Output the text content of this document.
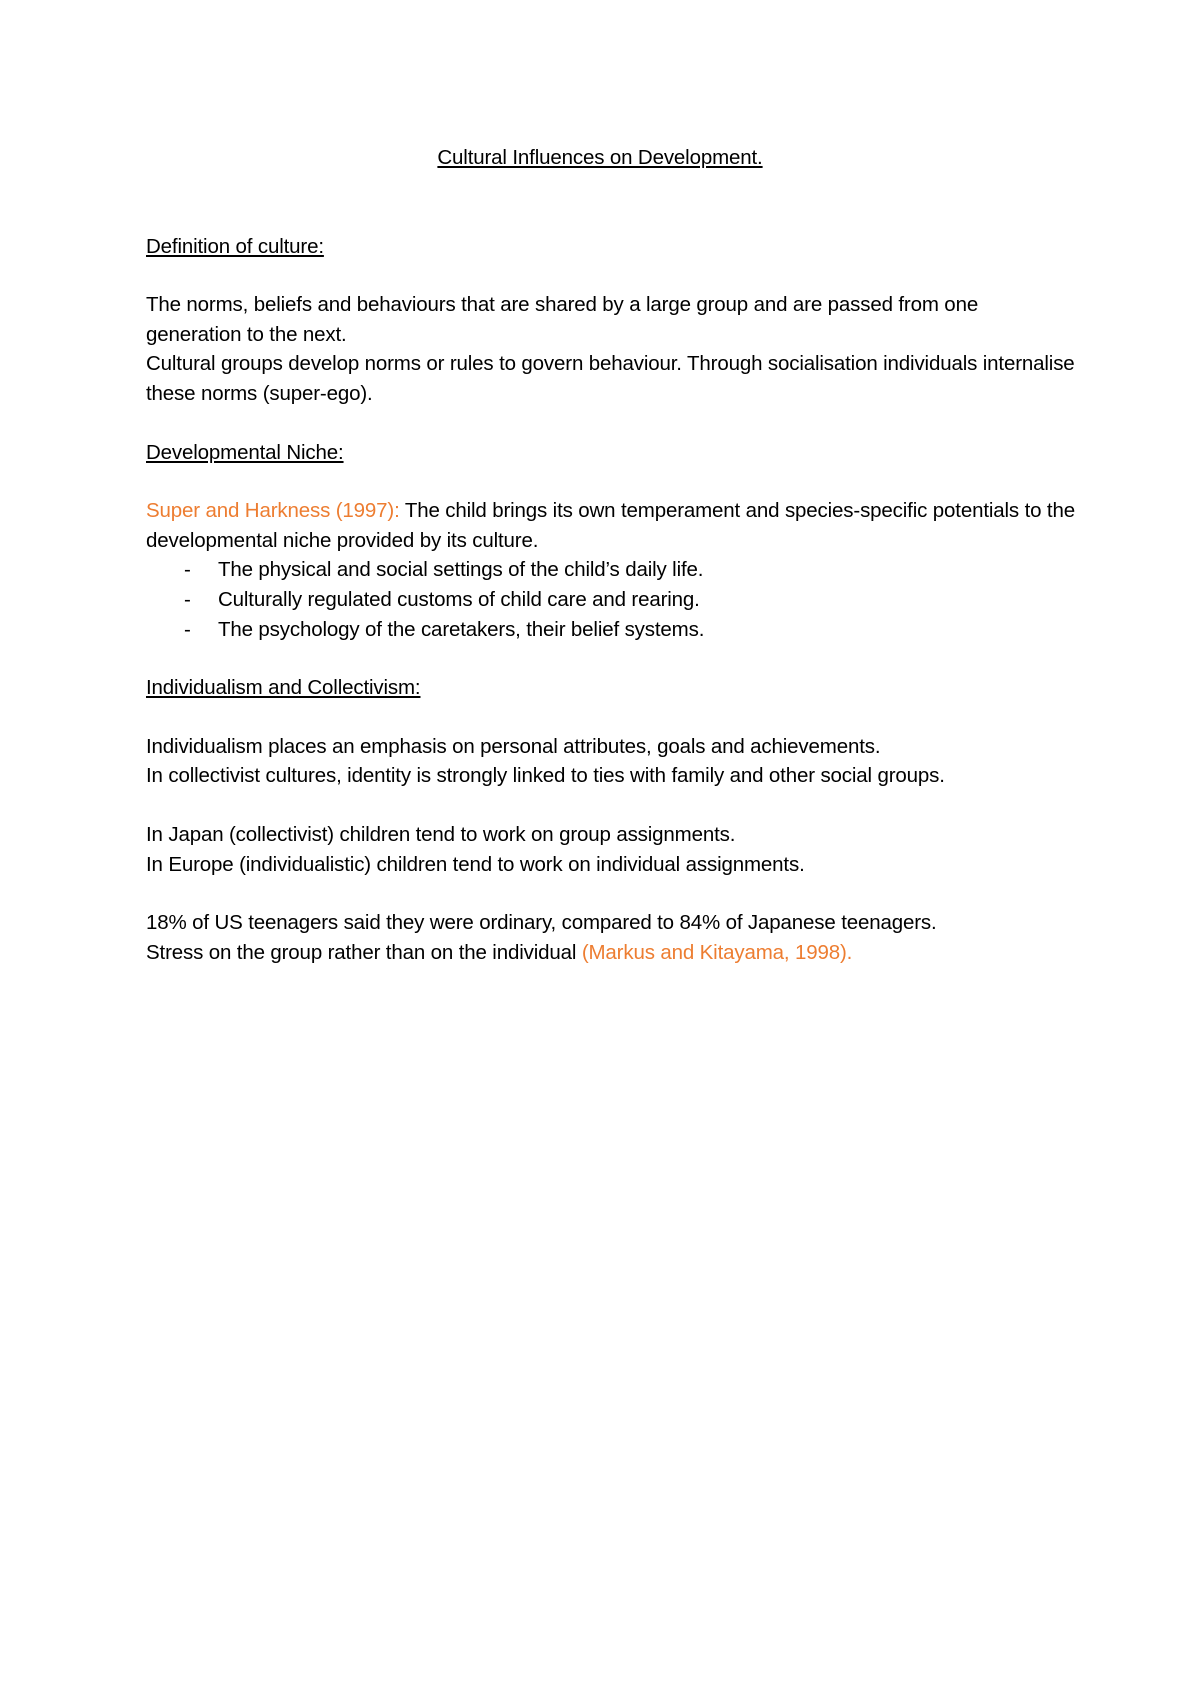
Cultural Influences on Development.

Definition of culture:

The norms, beliefs and behaviours that are shared by a large group and are passed from one generation to the next.
Cultural groups develop norms or rules to govern behaviour. Through socialisation individuals internalise these norms (super-ego).

Developmental Niche:

Super and Harkness (1997): The child brings its own temperament and species-specific potentials to the developmental niche provided by its culture.

- The physical and social settings of the child’s daily life.
- Culturally regulated customs of child care and rearing.
- The psychology of the caretakers, their belief systems.

Individualism and Collectivism:

Individualism places an emphasis on personal attributes, goals and achievements.

In collectivist cultures, identity is strongly linked to ties with family and other social groups.

In Japan (collectivist) children tend to work on group assignments.

In Europe (individualistic) children tend to work on individual assignments.

18% of US teenagers said they were ordinary, compared to 84% of Japanese teenagers.

Stress on the group rather than on the individual (Markus and Kitayama, 1998).
